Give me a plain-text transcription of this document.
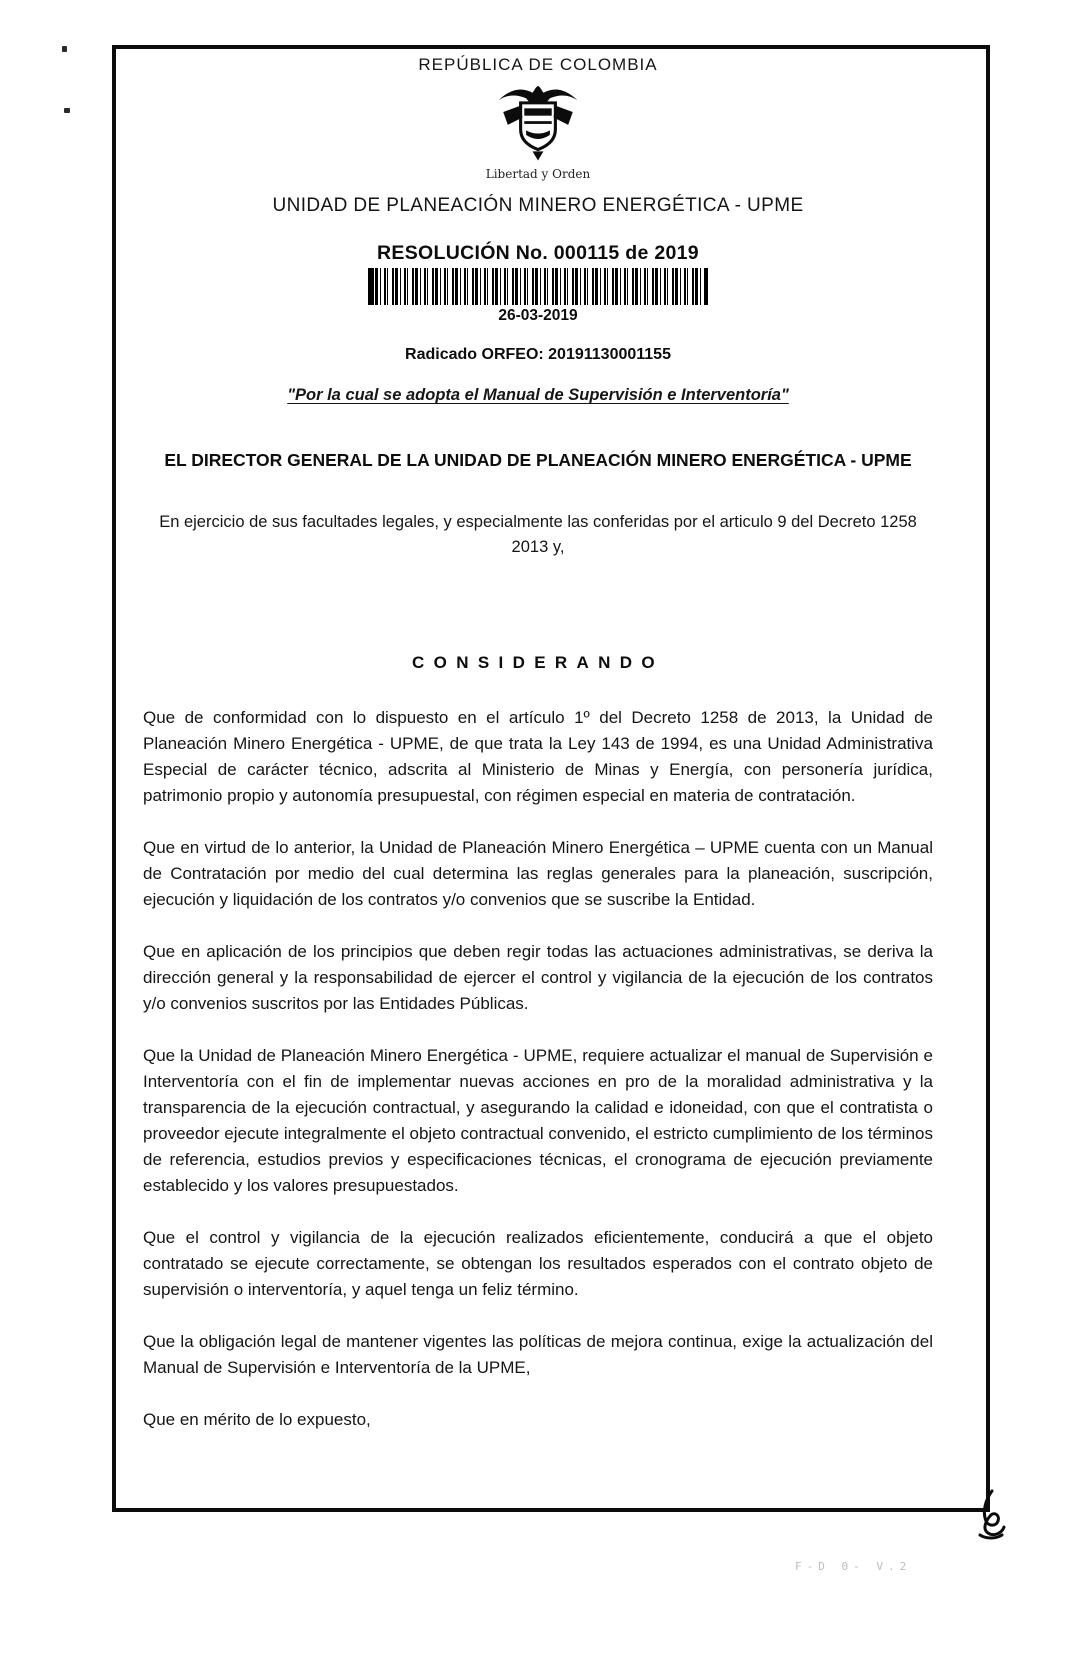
REPÚBLICA DE COLOMBIA
Libertad y Orden
UNIDAD DE PLANEACIÓN MINERO ENERGÉTICA - UPME
RESOLUCIÓN No. 000115 de 2019
26-03-2019
Radicado ORFEO: 20191130001155
"Por la cual se adopta el Manual de Supervisión e Interventoría"
EL DIRECTOR GENERAL DE LA UNIDAD DE PLANEACIÓN MINERO ENERGÉTICA - UPME
En ejercicio de sus facultades legales, y especialmente las conferidas por el articulo 9 del Decreto 1258 2013 y,
CONSIDERANDO

Que de conformidad con lo dispuesto en el artículo 1º del Decreto 1258 de 2013, la Unidad de Planeación Minero Energética - UPME, de que trata la Ley 143 de 1994, es una Unidad Administrativa Especial de carácter técnico, adscrita al Ministerio de Minas y Energía, con personería jurídica, patrimonio propio y autonomía presupuestal, con régimen especial en materia de contratación.

Que en virtud de lo anterior, la Unidad de Planeación Minero Energética – UPME cuenta con un Manual de Contratación por medio del cual determina las reglas generales para la planeación, suscripción, ejecución y liquidación de los contratos y/o convenios que se suscribe la Entidad.

Que en aplicación de los principios que deben regir todas las actuaciones administrativas, se deriva la dirección general y la responsabilidad de ejercer el control y vigilancia de la ejecución de los contratos y/o convenios suscritos por las Entidades Públicas.

Que la Unidad de Planeación Minero Energética - UPME, requiere actualizar el manual de Supervisión e Interventoría con el fin de implementar nuevas acciones en pro de la moralidad administrativa y la transparencia de la ejecución contractual, y asegurando la calidad e idoneidad, con que el contratista o proveedor ejecute integralmente el objeto contractual convenido, el estricto cumplimiento de los términos de referencia, estudios previos y especificaciones técnicas, el cronograma de ejecución previamente establecido y los valores presupuestados.

Que el control y vigilancia de la ejecución realizados eficientemente, conducirá a que el objeto contratado se ejecute correctamente, se obtengan los resultados esperados con el contrato objeto de supervisión o interventoría, y aquel tenga un feliz término.

Que la obligación legal de mantener vigentes las políticas de mejora continua, exige la actualización del Manual de Supervisión e Interventoría de la UPME,

Que en mérito de lo expuesto,

F-D 0- V.2
